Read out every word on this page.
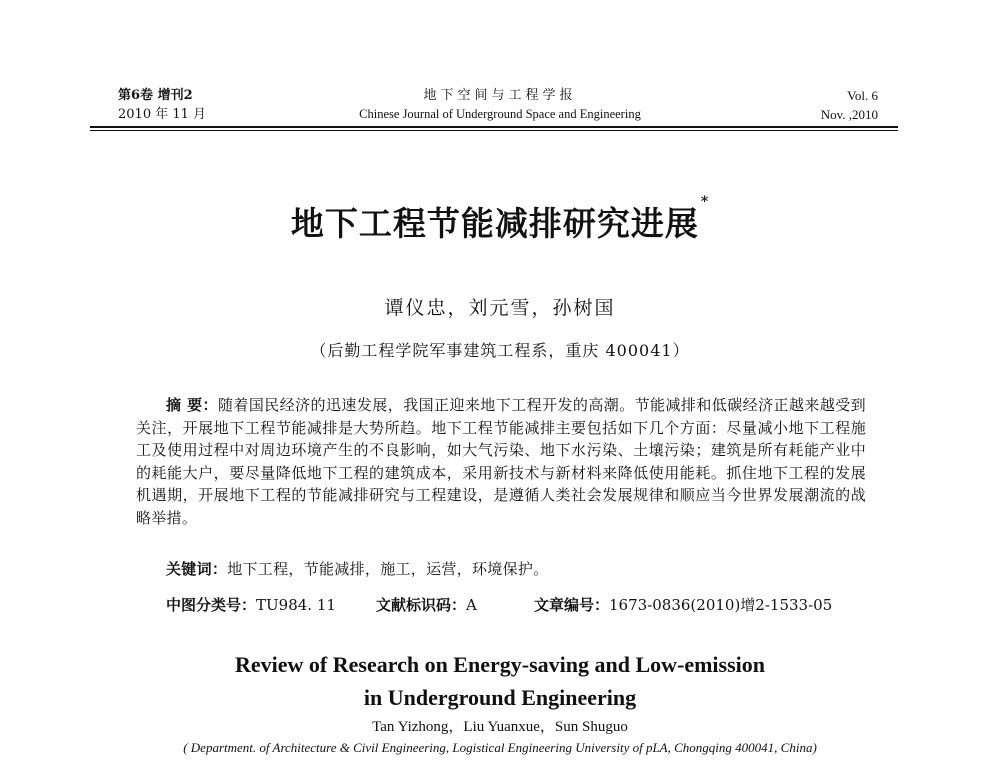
第6卷 增刊2
2010 年 11 月
地下空间与工程学报
Chinese Journal of Underground Space and Engineering
Vol. 6
Nov. ,2010
地下工程节能减排研究进展*
谭仪忠，刘元雪，孙树国
（后勤工程学院军事建筑工程系，重庆 400041）
摘 要：随着国民经济的迅速发展，我国正迎来地下工程开发的高潮。节能减排和低碳经济正越来越受到关注，开展地下工程节能减排是大势所趋。地下工程节能减排主要包括如下几个方面：尽量减小地下工程施工及使用过程中对周边环境产生的不良影响，如大气污染、地下水污染、土壤污染；建筑是所有耗能产业中的耗能大户，要尽量降低地下工程的建筑成本，采用新技术与新材料来降低使用能耗。抓住地下工程的发展机遇期，开展地下工程的节能减排研究与工程建设，是遵循人类社会发展规律和顺应当今世界发展潮流的战略举措。
关键词：地下工程，节能减排，施工，运营，环境保护。
中图分类号：TU984. 11	文献标识码：A	文章编号：1673-0836(2010)增2-1533-05
Review of Research on Energy-saving and Low-emission
in Underground Engineering
Tan Yizhong，Liu Yuanxue，Sun Shuguo
( Department. of Architecture & Civil Engineering, Logistical Engineering University of pLA, Chongqing 400041, China)
